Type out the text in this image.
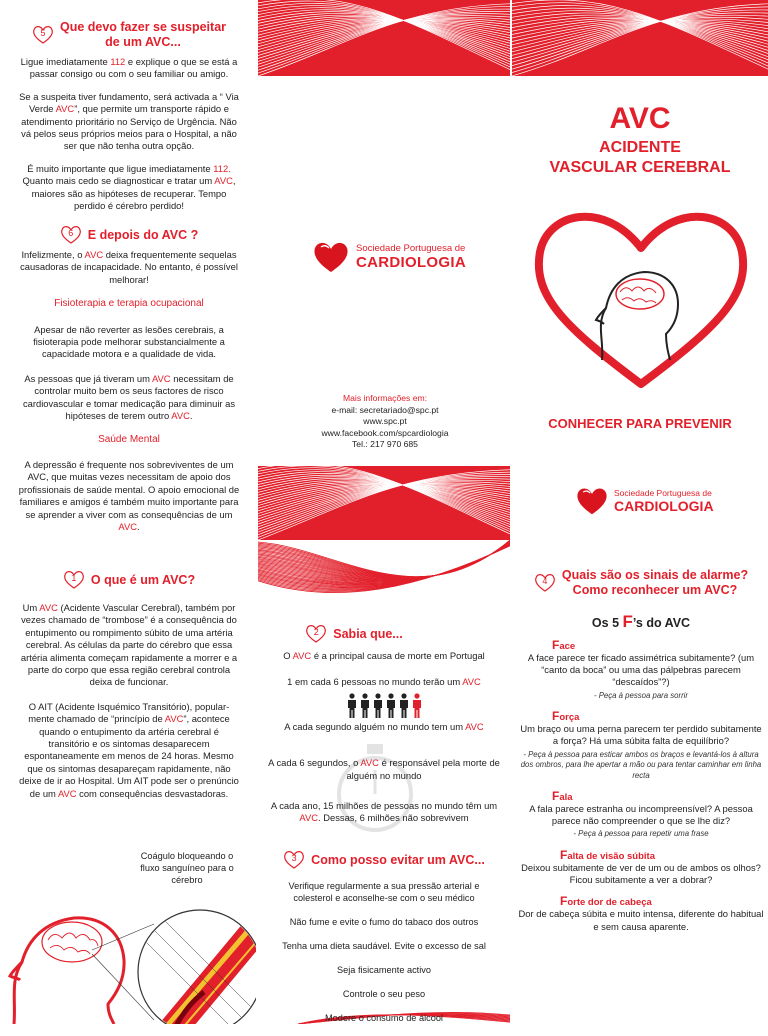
5	Que devo fazer se suspeitar
de um AVC...

Ligue imediatamente 112 e explique o que se está a passar consigo ou com o seu familiar ou amigo.

Se a suspeita tiver fundamento, será activada a “ Via Verde AVC”, que permite um transporte rápido e atendimento prioritário no Serviço de Urgência. Não vá pelos seus próprios meios para o Hospital, a não ser que não tenha outra opção.

É muito importante que ligue imediatamente 112. Quanto mais cedo se diagnosticar e tratar um AVC, maiores são as hipóteses de recuperar. Tempo perdido é cérebro perdido!

6	E depois do AVC ?

Infelizmente, o AVC deixa frequentemente sequelas causadoras de incapacidade. No entanto, é possível melhorar!

Fisioterapia e terapia ocupacional

Apesar de não reverter as lesões cerebrais, a fisioterapia pode melhorar substancialmente a capacidade motora e a qualidade de vida.

As pessoas que já tiveram um AVC necessitam de controlar muito bem os seus factores de risco cardiovascular e tomar medicação para diminuir as hipóteses de terem outro AVC.

Saúde Mental

A depressão é frequente nos sobreviventes de um AVC, que muitas vezes necessitam de apoio dos profissionais de saúde mental. O apoio emocional de familiares e amigos é também muito importante para se aprender a viver com as consequências de um AVC.

1	O que é um AVC?

Um AVC (Acidente Vascular Cerebral), também por vezes chamado de “trombose” é a consequência do entupimento ou rompimento súbito de uma artéria cerebral. As células da parte do cérebro que essa artéria alimenta começam rapidamente a morrer e a parte do corpo que essa região cerebral controla deixa de funcionar.

O AIT (Acidente Isquémico Transitório), popular-mente chamado de “princípio de AVC”, acontece quando o entupimento da artéria cerebral é transitório e os sintomas desaparecem espontaneamente em menos de 24 horas. Mesmo que os sintomas desapareçam rapidamente, não deixe de ir ao Hospital. Um AIT pode ser o prenúncio de um AVC com consequências desvastadoras.

Coágulo bloqueando o fluxo sanguíneo para o cérebro
Sociedade Portuguesa de
CARDIOLOGIA
Mais informações em:
e-mail: secretariado@spc.pt
www.spc.pt
www.facebook.com/spcardiologia
Tel.: 217 970 685
2	Sabia que...

O AVC é a principal causa de morte em Portugal

1 em cada 6 pessoas no mundo terão um AVC

A cada segundo alguém no mundo tem um AVC

A cada 6 segundos, o AVC é responsável pela morte de alguém no mundo

A cada ano, 15 milhões de pessoas no mundo têm um AVC. Dessas, 6 milhões não sobrevivem

3	Como posso evitar um AVC...
Verifique regularmente a sua pressão arterial e colesterol e aconselhe-se com o seu médico
Não fume e evite o fumo do tabaco dos outros
Tenha uma dieta saudável. Evite o excesso de sal
Seja fisicamente activo
Controle o seu peso
Modere o consumo de álcool
AVC
ACIDENTE
VASCULAR CEREBRAL
CONHECER PARA PREVENIR
Sociedade Portuguesa de
CARDIOLOGIA
4	Quais são os sinais de alarme?
Como reconhecer um AVC?
Os 5 F’s do AVC
Face
A face parece ter ficado assimétrica subitamente? (um “canto da boca” ou uma das pálpebras parecem “descaídos”?)
- Peça à pessoa para sorrir
Força
Um braço ou uma perna parecem ter perdido subitamente a força? Há uma súbita falta de equilíbrio?
- Peça à pessoa para esticar ambos os braços e levantá-los à altura dos ombros, para lhe apertar a mão ou para tentar caminhar em linha recta
Fala
A fala parece estranha ou incompreensível? A pessoa parece não compreender o que se lhe diz?
- Peça à pessoa para repetir uma frase
Falta de visão súbita
Deixou subitamente de ver de um ou de ambos os olhos? Ficou subitamente a ver a dobrar?
Forte dor de cabeça
Dor de cabeça súbita e muito intensa, diferente do habitual e sem causa aparente.
